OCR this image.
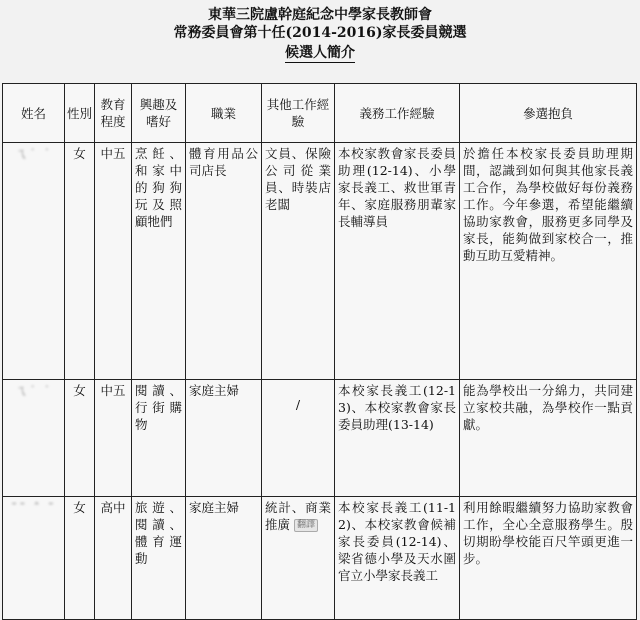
東華三院盧幹庭紀念中學家長教師會

常務委員會第十任(2014-2016)家長委員競選

候選人簡介

姓名	性別	教育程度	興趣及嗜好	職業	其他工作經驗	義務工作經驗	參選抱負
ㄟ˙ ˙	女	中五	烹飪、和家中的狗狗玩及照顧牠們	體育用品公司店長	文員、保險公司從業員、時裝店老闆	本校家教會家長委員助理(12-14)、小學家長義工、救世軍青年、家庭服務朋輩家長輔導員	於擔任本校家長委員助理期間，認識到如何與其他家長義工合作，為學校做好每份義務工作。今年參選，希望能繼續協助家教會，服務更多同學及家長，能夠做到家校合一，推動互助互愛精神。
ㄟ˙ ˙	女	中五	閱讀、行街購物	家庭主婦	/	本校家長義工(12-13)、本校家教會家長委員助理(13-14)	能為學校出一分綿力，共同建立家校共融，為學校作一點貢獻。
ˉˉ ˆ ˉ	女	高中	旅遊、閱讀、體育運動	家庭主婦	統計、商業推廣 翻譯	本校家長義工(11-12)、本校家教會候補家長委員(12-14)、梁省德小學及天水圍官立小學家長義工	利用餘暇繼續努力協助家教會工作，全心全意服務學生。殷切期盼學校能百尺竿頭更進一步。
